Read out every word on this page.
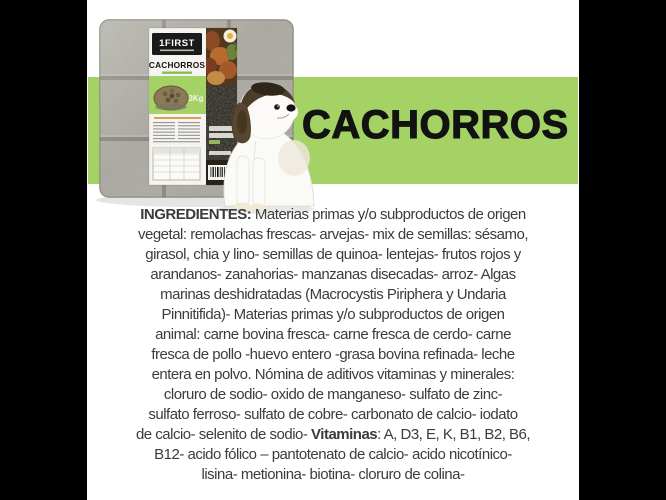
CACHORROS
1FIRST
CACHORROS
3Kg
INGREDIENTES: Materias primas y/o subproductos de origen
vegetal: remolachas frescas- arvejas- mix de semillas: sésamo,
girasol, chia y lino- semillas de quinoa- lentejas- frutos rojos y
arandanos- zanahorias- manzanas disecadas- arroz- Algas
marinas deshidratadas (Macrocystis Piriphera y Undaria
Pinnitifida)- Materias primas y/o subproductos de origen
animal: carne bovina fresca- carne fresca de cerdo- carne
fresca de pollo -huevo entero -grasa bovina refinada- leche
entera en polvo. Nómina de aditivos vitaminas y minerales:
cloruro de sodio- oxido de manganeso- sulfato de zinc-
sulfato ferroso- sulfato de cobre- carbonato de calcio- iodato
de calcio- selenito de sodio- Vitaminas: A, D3, E, K, B1, B2, B6,
B12- acido fólico – pantotenato de calcio- acido nicotínico-
lisina- metionina- biotina- cloruro de colina-
